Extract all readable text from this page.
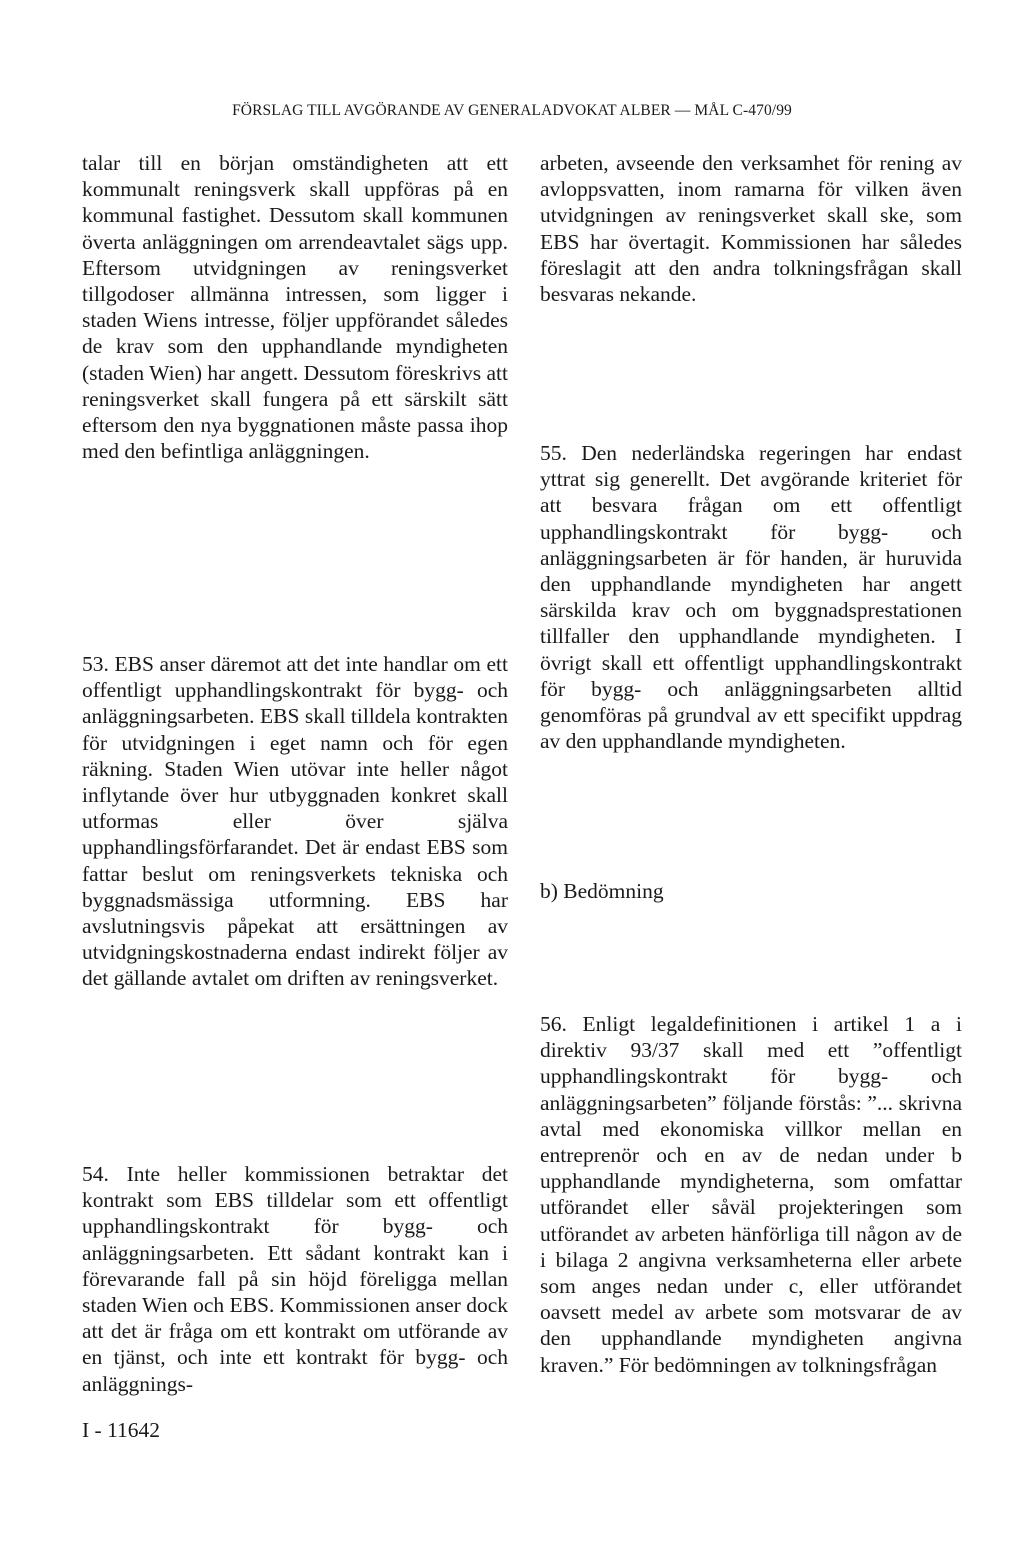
FÖRSLAG TILL AVGÖRANDE AV GENERALADVOKAT ALBER — MÅL C-470/99

talar till en början omständigheten att ett kommunalt reningsverk skall uppföras på en kommunal fastighet. Dessutom skall kommunen överta anläggningen om arrendeavtalet sägs upp. Eftersom utvidgningen av reningsverket tillgodoser allmänna intressen, som ligger i staden Wiens intresse, följer uppförandet således de krav som den upphandlande myndigheten (staden Wien) har angett. Dessutom föreskrivs att reningsverket skall fungera på ett särskilt sätt eftersom den nya byggnationen måste passa ihop med den befintliga anläggningen.

53. EBS anser däremot att det inte handlar om ett offentligt upphandlingskontrakt för bygg- och anläggningsarbeten. EBS skall tilldela kontrakten för utvidgningen i eget namn och för egen räkning. Staden Wien utövar inte heller något inflytande över hur utbyggnaden konkret skall utformas eller över själva upphandlingsförfarandet. Det är endast EBS som fattar beslut om reningsverkets tekniska och byggnadsmässiga utformning. EBS har avslutningsvis påpekat att ersättningen av utvidgningskostnaderna endast indirekt följer av det gällande avtalet om driften av reningsverket.

54. Inte heller kommissionen betraktar det kontrakt som EBS tilldelar som ett offentligt upphandlingskontrakt för bygg- och anläggningsarbeten. Ett sådant kontrakt kan i förevarande fall på sin höjd föreligga mellan staden Wien och EBS. Kommissionen anser dock att det är fråga om ett kontrakt om utförande av en tjänst, och inte ett kontrakt för bygg- och anläggnings-

arbeten, avseende den verksamhet för rening av avloppsvatten, inom ramarna för vilken även utvidgningen av reningsverket skall ske, som EBS har övertagit. Kommissionen har således föreslagit att den andra tolkningsfrågan skall besvaras nekande.

55. Den nederländska regeringen har endast yttrat sig generellt. Det avgörande kriteriet för att besvara frågan om ett offentligt upphandlingskontrakt för bygg- och anläggningsarbeten är för handen, är huruvida den upphandlande myndigheten har angett särskilda krav och om byggnadsprestationen tillfaller den upphandlande myndigheten. I övrigt skall ett offentligt upphandlingskontrakt för bygg- och anläggningsarbeten alltid genomföras på grundval av ett specifikt uppdrag av den upphandlande myndigheten.

b) Bedömning

56. Enligt legaldefinitionen i artikel 1 a i direktiv 93/37 skall med ett ”offentligt upphandlingskontrakt för bygg- och anläggningsarbeten” följande förstås: ”... skrivna avtal med ekonomiska villkor mellan en entreprenör och en av de nedan under b upphandlande myndigheterna, som omfattar utförandet eller såväl projekteringen som utförandet av arbeten hänförliga till någon av de i bilaga 2 angivna verksamheterna eller arbete som anges nedan under c, eller utförandet oavsett medel av arbete som motsvarar de av den upphandlande myndigheten angivna kraven.” För bedömningen av tolkningsfrågan

I - 11642
